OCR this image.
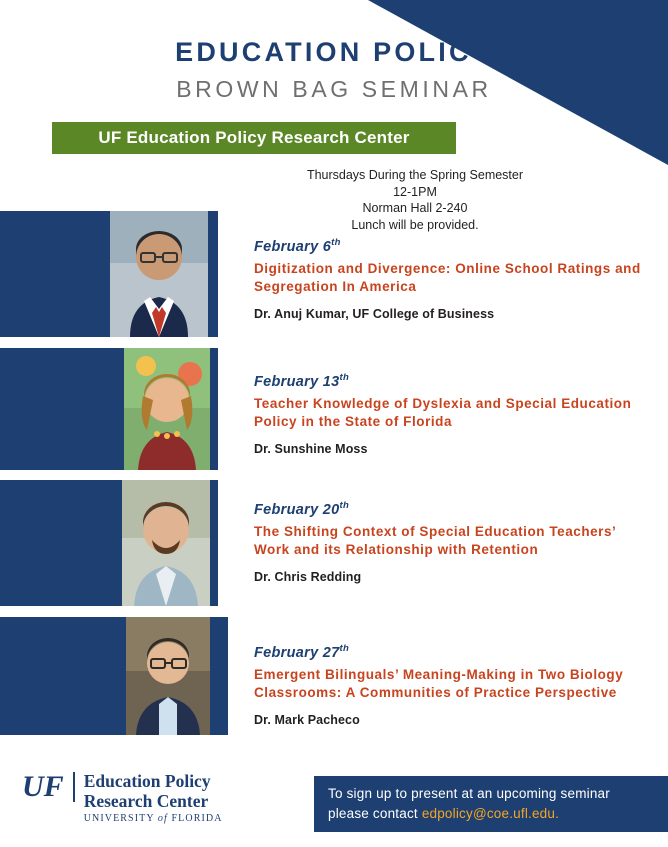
EDUCATION POLICY
BROWN BAG SEMINAR
UF Education Policy Research Center
Thursdays During the Spring Semester
12-1PM
Norman Hall 2-240
Lunch will be provided.
February 6th
Digitization and Divergence: Online School Ratings and Segregation In America
Dr. Anuj Kumar, UF College of Business
February 13th
Teacher Knowledge of Dyslexia and Special Education Policy in the State of Florida
Dr. Sunshine Moss
February 20th
The Shifting Context of Special Education Teachers’ Work and its Relationship with Retention
Dr. Chris Redding
February 27th
Emergent Bilinguals’ Meaning-Making in Two Biology Classrooms: A Communities of Practice Perspective
Dr. Mark Pacheco
UF	Education Policy
Research Center
UNIVERSITY of FLORIDA
To sign up to present at an upcoming seminar
please contact edpolicy@coe.ufl.edu.
